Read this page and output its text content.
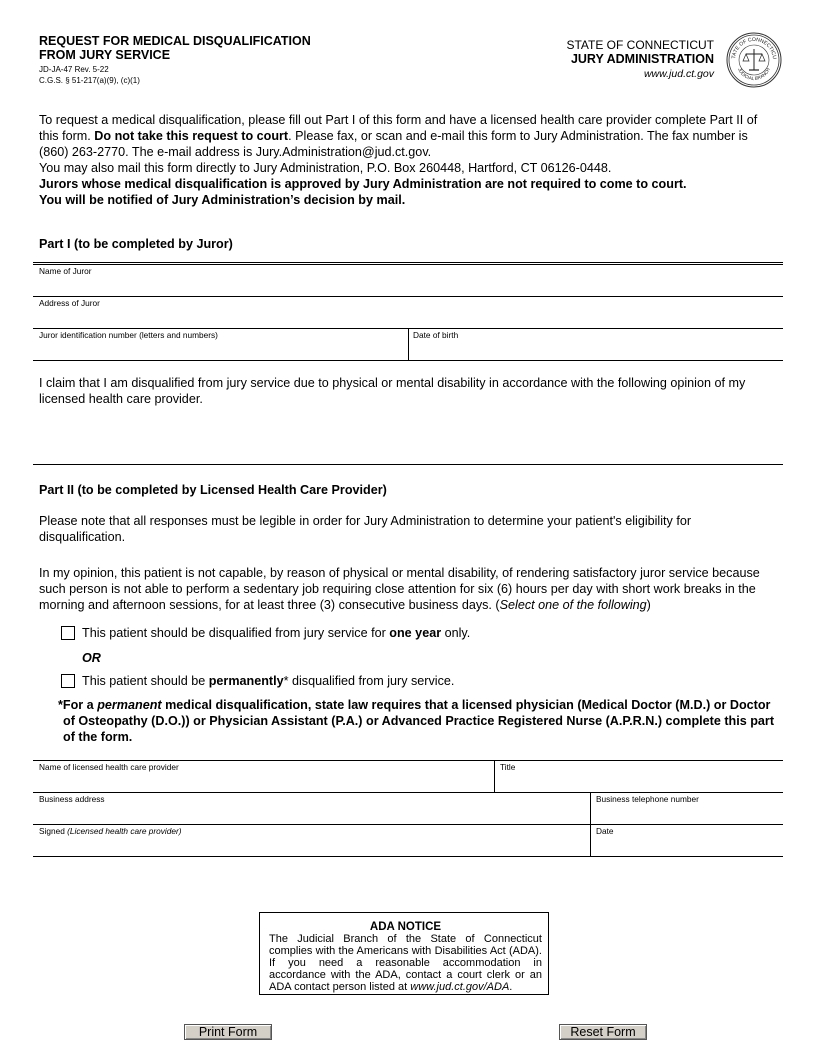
REQUEST FOR MEDICAL DISQUALIFICATION
FROM JURY SERVICE
JD-JA-47 Rev. 5-22
C.G.S. § 51-217(a)(9), (c)(1)
STATE OF CONNECTICUT
JURY ADMINISTRATION
www.jud.ct.gov
TATE OF CONNECTICU
JUDICIAL BRANCH
To request a medical disqualification, please fill out Part I of this form and have a licensed health care provider complete Part II of this form. Do not take this request to court. Please fax, or scan and e-mail this form to Jury Administration. The fax number is (860) 263-2770. The e-mail address is Jury.Administration@jud.ct.gov.
You may also mail this form directly to Jury Administration, P.O. Box 260448, Hartford, CT 06126-0448.
Jurors whose medical disqualification is approved by Jury Administration are not required to come to court.
You will be notified of Jury Administration’s decision by mail.
Part I (to be completed by Juror)
Name of Juror
Address of Juror
Juror identification number (letters and numbers)	Date of birth
I claim that I am disqualified from jury service due to physical or mental disability in accordance with the following opinion of my licensed health care provider.
Part II (to be completed by Licensed Health Care Provider)
Please note that all responses must be legible in order for Jury Administration to determine your patient's eligibility for disqualification.
In my opinion, this patient is not capable, by reason of physical or mental disability, of rendering satisfactory juror service because such person is not able to perform a sedentary job requiring close attention for six (6) hours per day with short work breaks in the morning and afternoon sessions, for at least three (3) consecutive business days. (Select one of the following)
This patient should be disqualified from jury service for one year only.
OR
This patient should be permanently* disqualified from jury service.
*For a permanent medical disqualification, state law requires that a licensed physician (Medical Doctor (M.D.) or Doctor of Osteopathy (D.O.)) or Physician Assistant (P.A.) or Advanced Practice Registered Nurse (A.P.R.N.) complete this part of the form.
Name of licensed health care provider	Title
Business address	Business telephone number
Signed (Licensed health care provider)	Date
ADA NOTICE
The Judicial Branch of the State of Connecticut complies with the Americans with Disabilities Act (ADA). If you need a reasonable accommodation in accordance with the ADA, contact a court clerk or an ADA contact person listed at www.jud.ct.gov/ADA.
Print Form	Reset Form
